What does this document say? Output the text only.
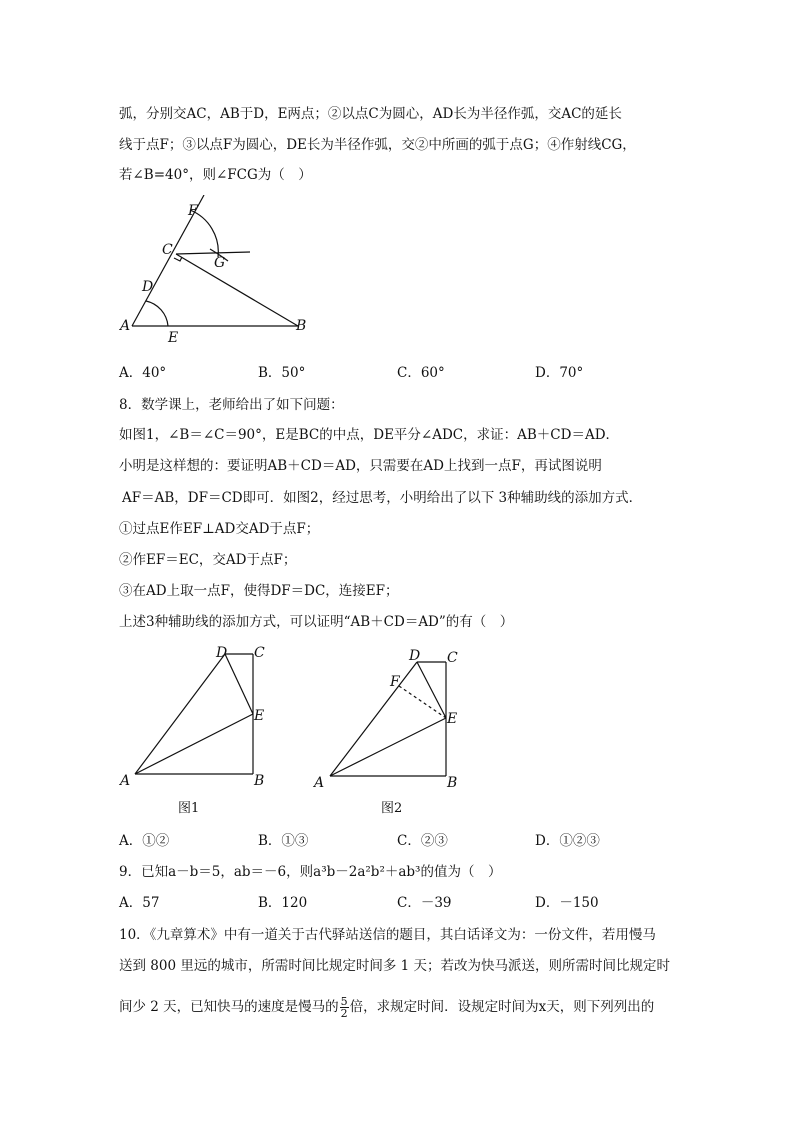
弧，分别交AC，AB于D，E两点；②以点C为圆心，AD长为半径作弧，交AC的延长
线于点F；③以点F为圆心，DE长为半径作弧，交②中所画的弧于点G；④作射线CG，
若∠B=40°，则∠FCG为（　）
F
C
G
D
A
E
B
A．40°	B．50°	C．60°	D．70°
8．数学课上，老师给出了如下问题：
如图1，∠B＝∠C＝90°，E是BC的中点，DE平分∠ADC，求证：AB＋CD＝AD．
小明是这样想的：要证明AB＋CD＝AD，只需要在AD上找到一点F，再试图说明
AF＝AB，DF＝CD即可．如图2，经过思考，小明给出了以下 3种辅助线的添加方式．
①过点E作EF⊥AD交AD于点F；
②作EF＝EC，交AD于点F；
③在AD上取一点F，使得DF＝DC，连接EF；
上述3种辅助线的添加方式，可以证明“AB＋CD＝AD”的有（　）
D C
E
A	B
图1
D C
F
E
A	B
图2
A．①②	B．①③	C．②③	D．①②③
9．已知a－b＝5，ab＝－6，则a³b－2a²b²＋ab³的值为（　）
A．57	B．120	C．－39	D．－150
10．《九章算术》中有一道关于古代驿站送信的题目，其白话译文为：一份文件，若用慢马
送到 800 里远的城市，所需时间比规定时间多 1 天；若改为快马派送，则所需时间比规定时
间少 2 天，已知快马的速度是慢马的 $\frac{5}{2}$ 倍，求规定时间．设规定时间为x天，则下列列出的
